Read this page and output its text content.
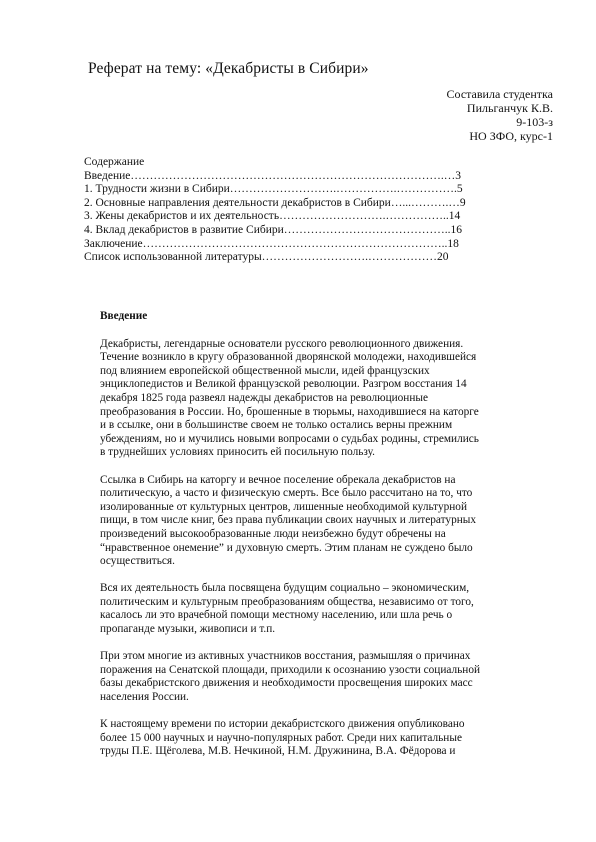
Реферат на тему: «Декабристы в Сибири»
Составила студентка
Пильганчук К.В.
9-103-з
НО ЗФО, курс-1
Содержание
Введение……………………………………………………………………….…3
1. Трудности жизни в Сибири……………………….…………….…………….5
2. Основные направления деятельности декабристов в Сибири…...……….…9
3. Жены декабристов и их деятельность……………………….……………..14
4. Вклад декабристов в развитие Сибири……………………………………..16
Заключение……………………………………………………………………..18
Список использованной литературы……………………….………………20
Введение

Декабристы, легендарные основатели русского революционного движения.
Течение возникло в кругу образованной дворянской молодежи, находившейся
под влиянием европейской общественной мысли, идей французских
энциклопедистов и Великой французской революции. Разгром восстания 14
декабря 1825 года развеял надежды декабристов на революционные
преобразования в России. Но, брошенные в тюрьмы, находившиеся на каторге
и в ссылке, они в большинстве своем не только остались верны прежним
убеждениям, но и мучились новыми вопросами о судьбах родины, стремились
в труднейших условиях приносить ей посильную пользу.

Ссылка в Сибирь на каторгу и вечное поселение обрекала декабристов на
политическую, а часто и физическую смерть. Все было рассчитано на то, что
изолированные от культурных центров, лишенные необходимой культурной
пищи, в том числе книг, без права публикации своих научных и литературных
произведений высокообразованные люди неизбежно будут обречены на
“нравственное онемение” и духовную смерть. Этим планам не суждено было
осуществиться.

Вся их деятельность была посвящена будущим социально – экономическим,
политическим и культурным преобразованиям общества, независимо от того,
касалось ли это врачебной помощи местному населению, или шла речь о
пропаганде музыки, живописи и т.п.

При этом многие из активных участников восстания, размышляя о причинах
поражения на Сенатской площади, приходили к осознанию узости социальной
базы декабристского движения и необходимости просвещения широких масс
населения России.

К настоящему времени по истории декабристского движения опубликовано
более 15 000 научных и научно-популярных работ. Среди них капитальные
труды П.Е. Щёголева, М.В. Нечкиной, Н.М. Дружинина, В.А. Фёдорова и
